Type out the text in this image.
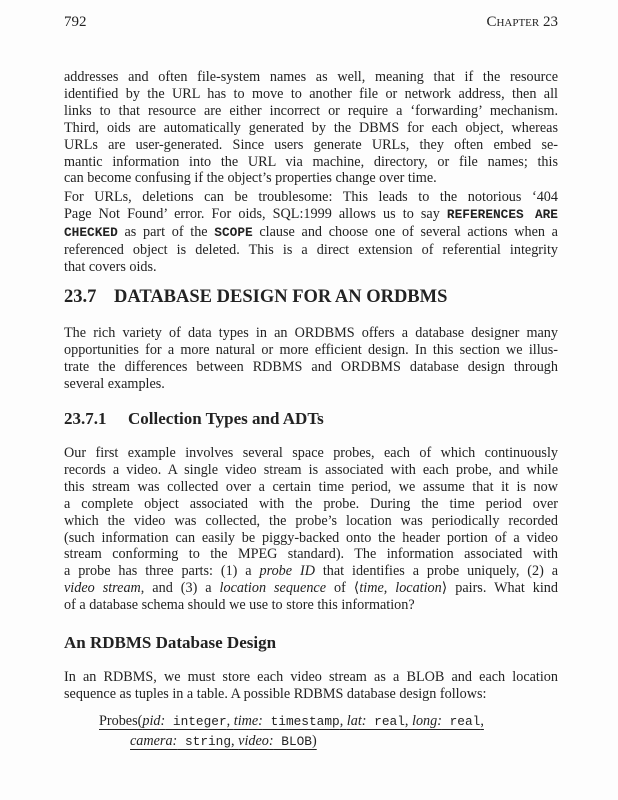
792	Chapter 23
addresses and often file-system names as well, meaning that if the resource
identified by the URL has to move to another file or network address, then all
links to that resource are either incorrect or require a ‘forwarding’ mechanism.
Third, oids are automatically generated by the DBMS for each object, whereas
URLs are user-generated. Since users generate URLs, they often embed se-
mantic information into the URL via machine, directory, or file names; this
can become confusing if the object’s properties change over time.
For URLs, deletions can be troublesome: This leads to the notorious ‘404
Page Not Found’ error. For oids, SQL:1999 allows us to say REFERENCES ARE
CHECKED as part of the SCOPE clause and choose one of several actions when a
referenced object is deleted. This is a direct extension of referential integrity
that covers oids.
23.7 DATABASE DESIGN FOR AN ORDBMS
The rich variety of data types in an ORDBMS offers a database designer many
opportunities for a more natural or more efficient design. In this section we illus-
trate the differences between RDBMS and ORDBMS database design through
several examples.
23.7.1 Collection Types and ADTs
Our first example involves several space probes, each of which continuously
records a video. A single video stream is associated with each probe, and while
this stream was collected over a certain time period, we assume that it is now
a complete object associated with the probe. During the time period over
which the video was collected, the probe’s location was periodically recorded
(such information can easily be piggy-backed onto the header portion of a video
stream conforming to the MPEG standard). The information associated with
a probe has three parts: (1) a probe ID that identifies a probe uniquely, (2) a
video stream, and (3) a location sequence of ⟨time, location⟩ pairs. What kind
of a database schema should we use to store this information?
An RDBMS Database Design
In an RDBMS, we must store each video stream as a BLOB and each location
sequence as tuples in a table. A possible RDBMS database design follows:
Probes(pid: integer, time: timestamp, lat: real, long: real,
camera: string, video: BLOB)
